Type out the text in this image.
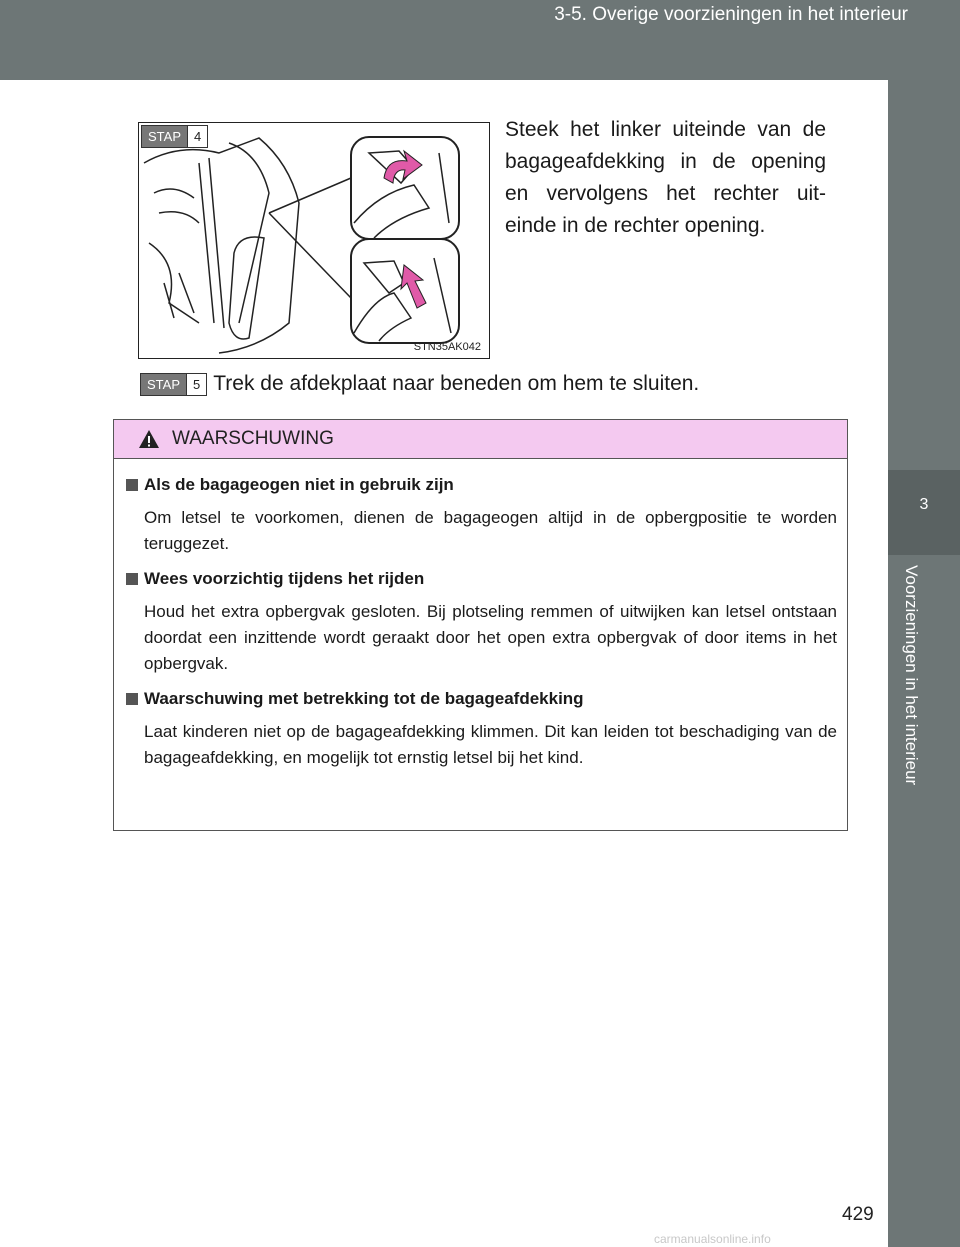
3-5. Overige voorzieningen in het interieur
3
Voorzieningen in het interieur
STAP	4
STN35AK042
Steek het linker uiteinde van de bagageafdekking in de opening en vervolgens het rechter uit-einde in de rechter opening.
STAP	5 Trek de afdekplaat naar beneden om hem te sluiten.
WAARSCHUWING
Als de bagageogen niet in gebruik zijn
Om letsel te voorkomen, dienen de bagageogen altijd in de opbergpositie te worden teruggezet.
Wees voorzichtig tijdens het rijden
Houd het extra opbergvak gesloten. Bij plotseling remmen of uitwijken kan letsel ontstaan doordat een inzittende wordt geraakt door het open extra opbergvak of door items in het opbergvak.
Waarschuwing met betrekking tot de bagageafdekking
Laat kinderen niet op de bagageafdekking klimmen. Dit kan leiden tot beschadiging van de bagageafdekking, en mogelijk tot ernstig letsel bij het kind.
429
carmanualsonline.info
